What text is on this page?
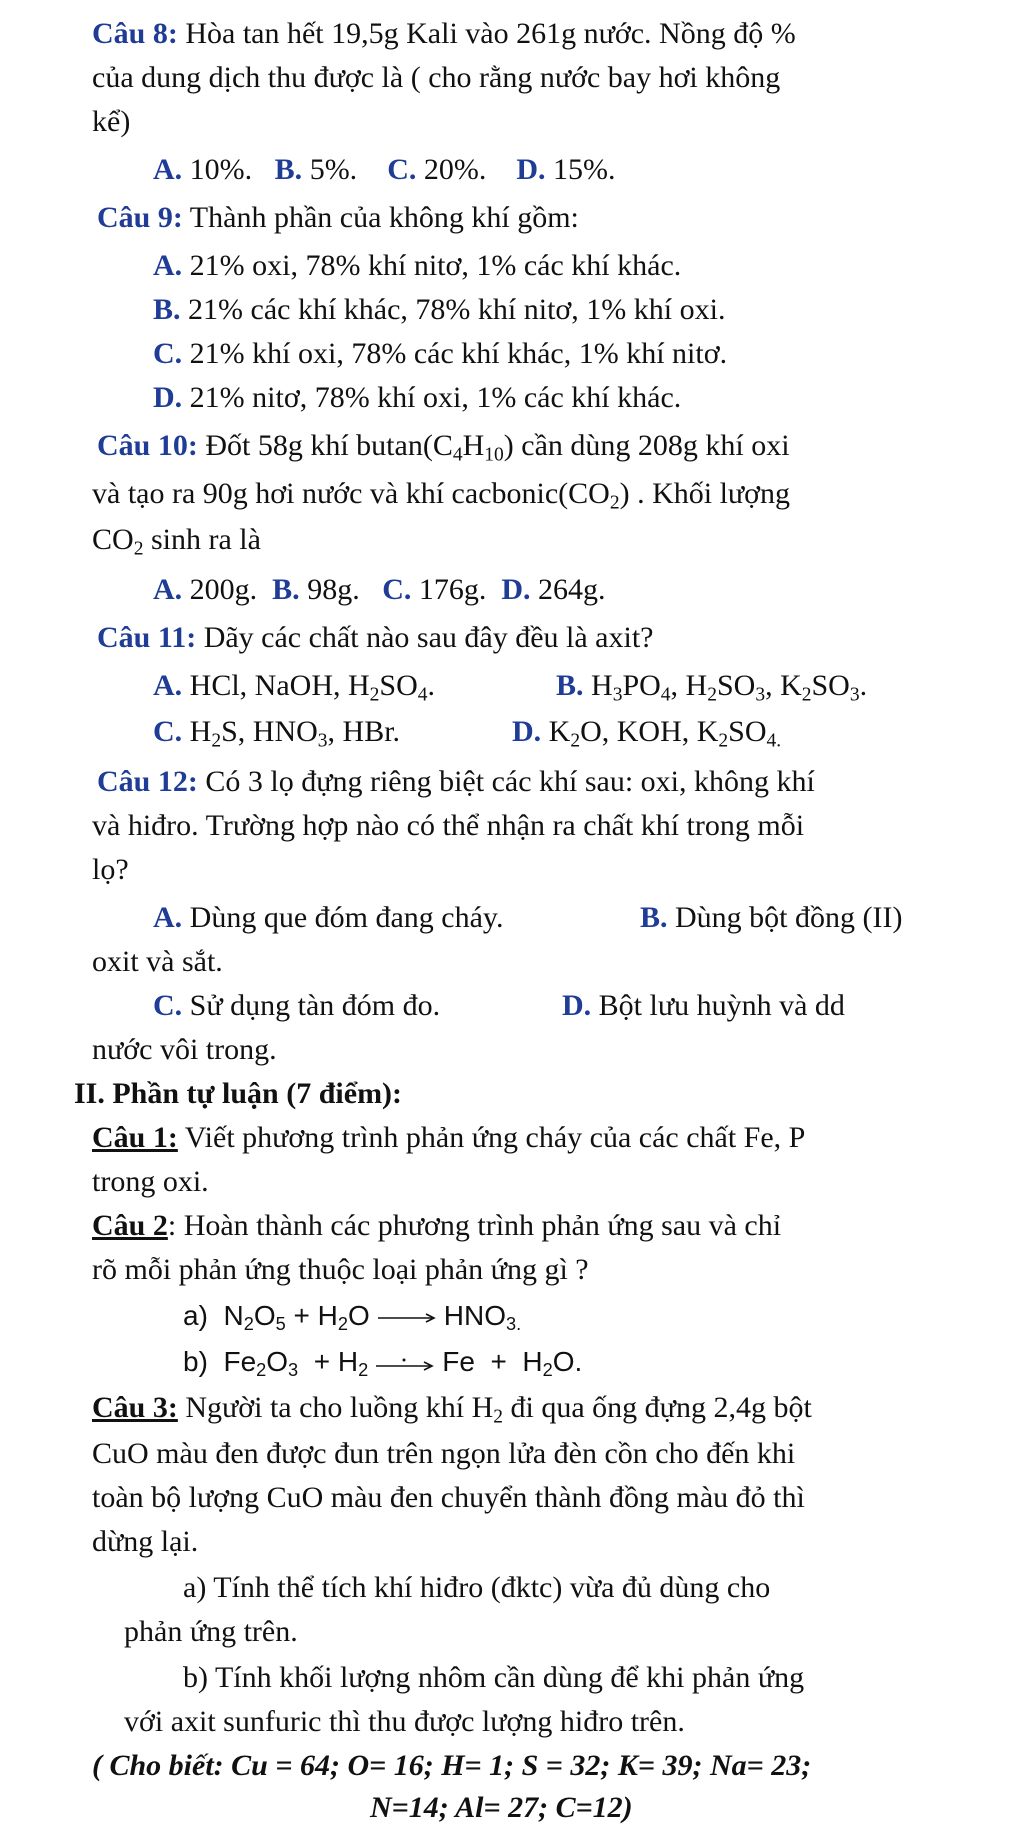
Câu 8: Hòa tan hết 19,5g Kali vào 261g nước. Nồng độ %
của dung dịch thu được là ( cho rằng nước bay hơi không
kể)
A. 10%. B. 5%. C. 20%. D. 15%.
Câu 9: Thành phần của không khí gồm:
A. 21% oxi, 78% khí nitơ, 1% các khí khác.
B. 21% các khí khác, 78% khí nitơ, 1% khí oxi.
C. 21% khí oxi, 78% các khí khác, 1% khí nitơ.
D. 21% nitơ, 78% khí oxi, 1% các khí khác.
Câu 10: Đốt 58g khí $butan(C_4H_{10})$ cần dùng 208g khí oxi
và tạo ra 90g hơi nước và khí $cacbonic(CO_2)$ . Khối lượng
$CO_2$ sinh ra là
A. 200g. B. 98g. C. 176g. D. 264g.
Câu 11: Dãy các chất nào sau đây đều là axit?
A. HCl, NaOH, $H_2SO_4$.	B. $H_3PO_4$, $H_2SO_3$, $K_2SO_3$.
C. $H_2S$, $HNO_3$, HBr.	D. $K_2O$, KOH, $K_2SO_{4.}$
Câu 12: Có 3 lọ đựng riêng biệt các khí sau: oxi, không khí
và hiđro. Trường hợp nào có thể nhận ra chất khí trong mỗi
lọ?
A. Dùng que đóm đang cháy.	B. Dùng bột đồng (II)
oxit và sắt.
C. Sử dụng tàn đóm đo.	D. Bột lưu huỳnh và dd
nước vôi trong.
II. Phần tự luận (7 điểm):
Câu 1: Viết phương trình phản ứng cháy của các chất Fe, P
trong oxi.
Câu 2: Hoàn thành các phương trình phản ứng sau và chỉ
rõ mỗi phản ứng thuộc loại phản ứng gì ?
a)  $N_2O_5 + H_2O \to HNO_{3.}$
b)  $Fe_2O_3 + H_2$	$Fe + H_2O$.
Câu 3: Người ta cho luồng khí $H_2$ đi qua ống đựng 2,4g bột
CuO màu đen được đun trên ngọn lửa đèn cồn cho đến khi
toàn bộ lượng CuO màu đen chuyển thành đồng màu đỏ thì
dừng lại.
a) Tính thể tích khí hiđro (đktc) vừa đủ dùng cho
phản ứng trên.
b) Tính khối lượng nhôm cần dùng để khi phản ứng
với axit sunfuric thì thu được lượng hiđro trên.
( Cho biết: Cu = 64; O= 16; H= 1; S = 32; K= 39; Na= 23;
N=14; Al= 27; C=12)
